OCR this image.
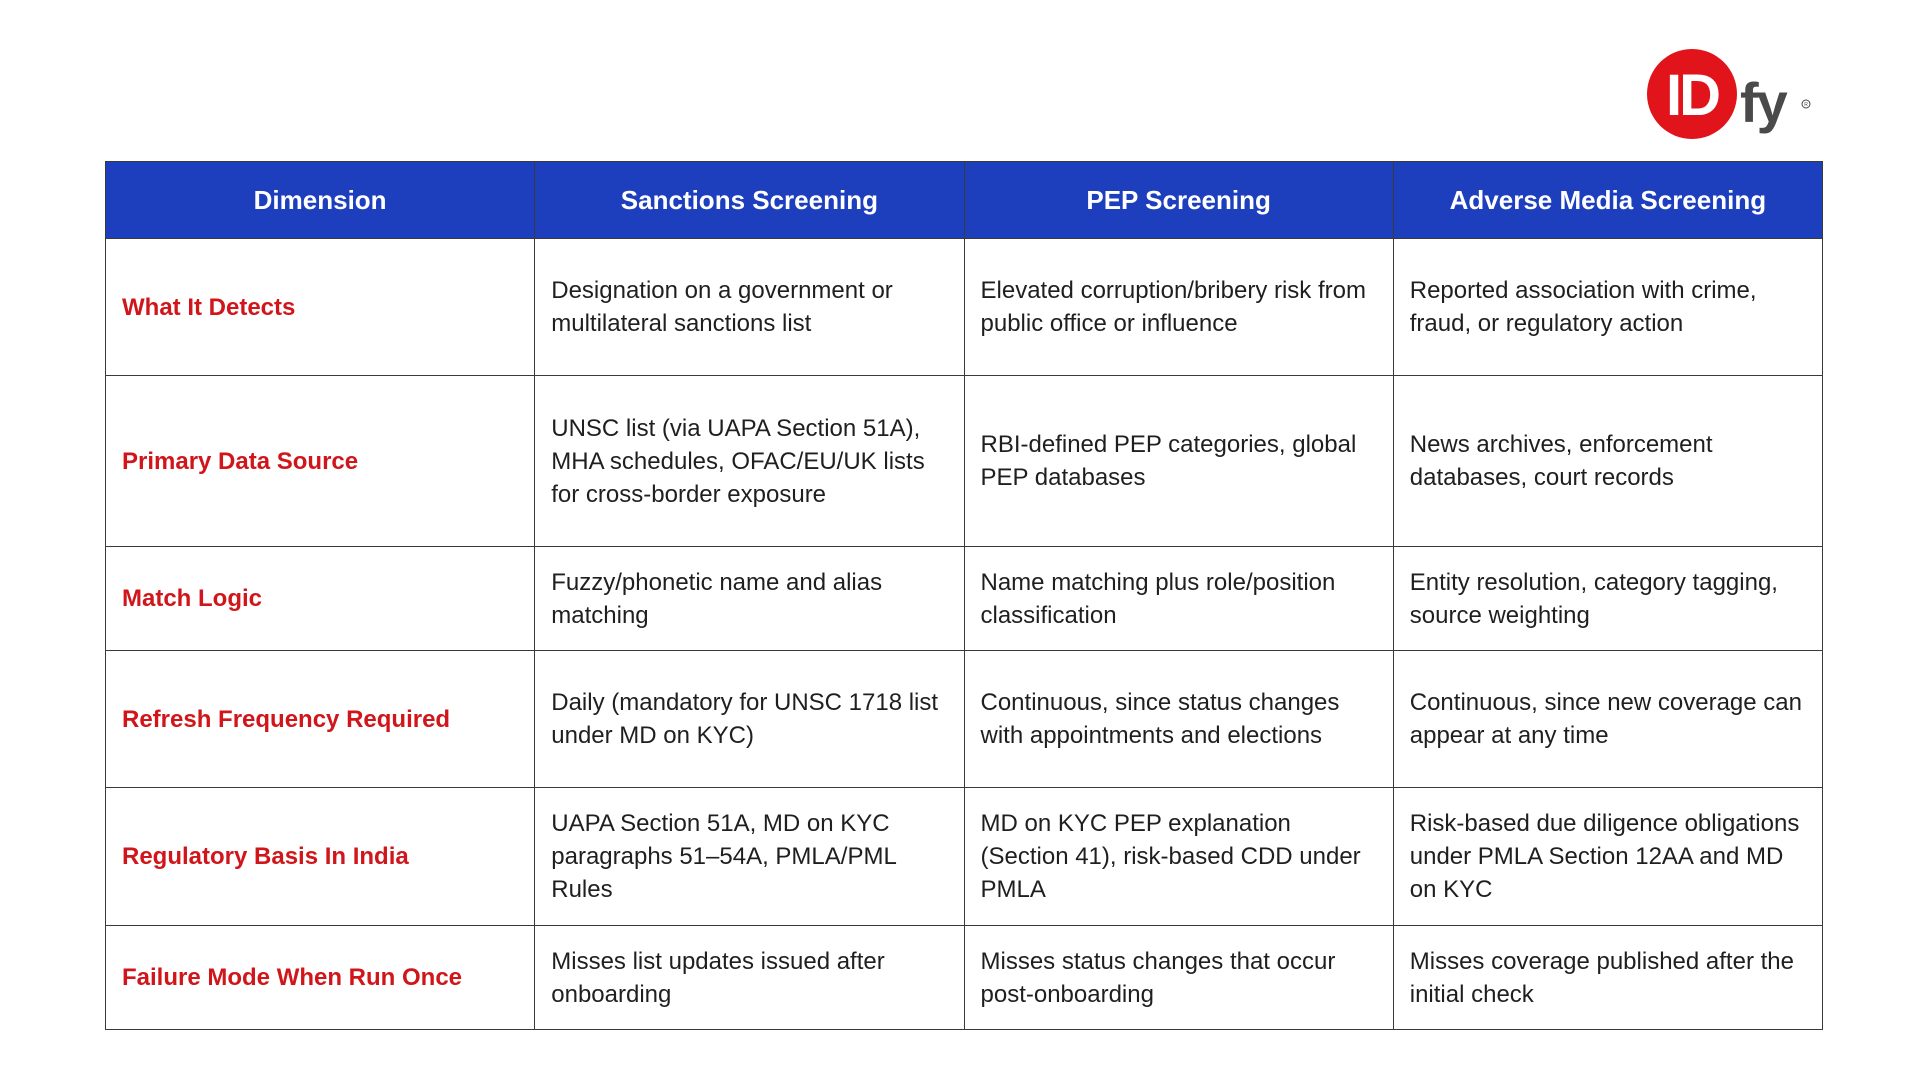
ID fy	R
Dimension	Sanctions Screening	PEP Screening	Adverse Media Screening
What It Detects	Designation on a government or multilateral sanctions list	Elevated corruption/bribery risk from public office or influence	Reported association with crime, fraud, or regulatory action
Primary Data Source	UNSC list (via UAPA Section 51A), MHA schedules, OFAC/EU/UK lists for cross-border exposure	RBI-defined PEP categories, global PEP databases	News archives, enforcement databases, court records
Match Logic	Fuzzy/phonetic name and alias matching	Name matching plus role/position classification	Entity resolution, category tagging, source weighting
Refresh Frequency Required	Daily (mandatory for UNSC 1718 list under MD on KYC)	Continuous, since status changes with appointments and elections	Continuous, since new coverage can appear at any time
Regulatory Basis In India	UAPA Section 51A, MD on KYC paragraphs 51–54A, PMLA/PML Rules	MD on KYC PEP explanation (Section 41), risk-based CDD under PMLA	Risk-based due diligence obligations under PMLA Section 12AA and MD on KYC
Failure Mode When Run Once	Misses list updates issued after onboarding	Misses status changes that occur post-onboarding	Misses coverage published after the initial check
